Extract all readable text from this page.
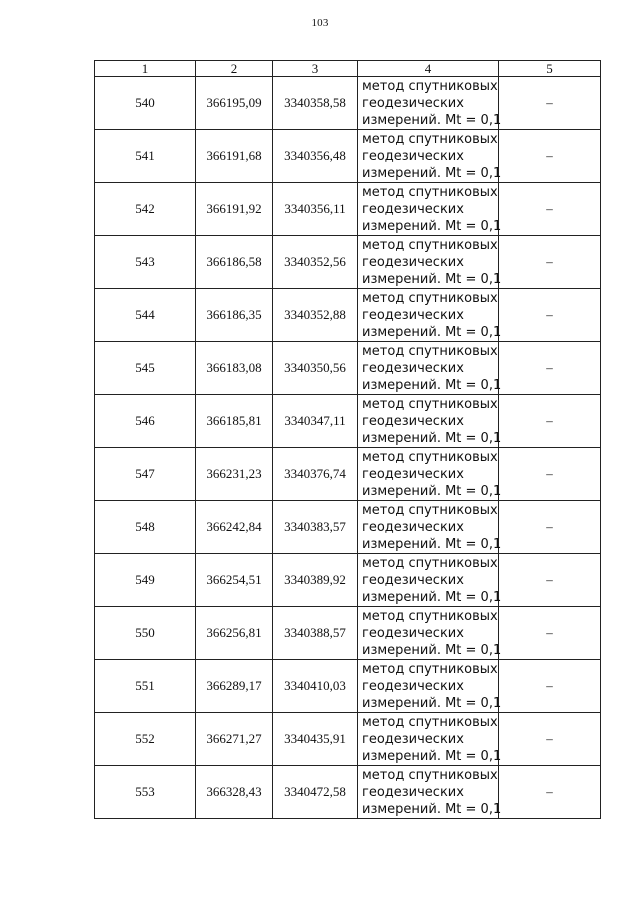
103
1	2	3	4	5
540	366195,09	3340358,58	метод спутниковых
геодезических
измерений. Mt = 0,1	–
541	366191,68	3340356,48	метод спутниковых
геодезических
измерений. Mt = 0,1	–
542	366191,92	3340356,11	метод спутниковых
геодезических
измерений. Mt = 0,1	–
543	366186,58	3340352,56	метод спутниковых
геодезических
измерений. Mt = 0,1	–
544	366186,35	3340352,88	метод спутниковых
геодезических
измерений. Mt = 0,1	–
545	366183,08	3340350,56	метод спутниковых
геодезических
измерений. Mt = 0,1	–
546	366185,81	3340347,11	метод спутниковых
геодезических
измерений. Mt = 0,1	–
547	366231,23	3340376,74	метод спутниковых
геодезических
измерений. Mt = 0,1	–
548	366242,84	3340383,57	метод спутниковых
геодезических
измерений. Mt = 0,1	–
549	366254,51	3340389,92	метод спутниковых
геодезических
измерений. Mt = 0,1	–
550	366256,81	3340388,57	метод спутниковых
геодезических
измерений. Mt = 0,1	–
551	366289,17	3340410,03	метод спутниковых
геодезических
измерений. Mt = 0,1	–
552	366271,27	3340435,91	метод спутниковых
геодезических
измерений. Mt = 0,1	–
553	366328,43	3340472,58	метод спутниковых
геодезических
измерений. Mt = 0,1	–
